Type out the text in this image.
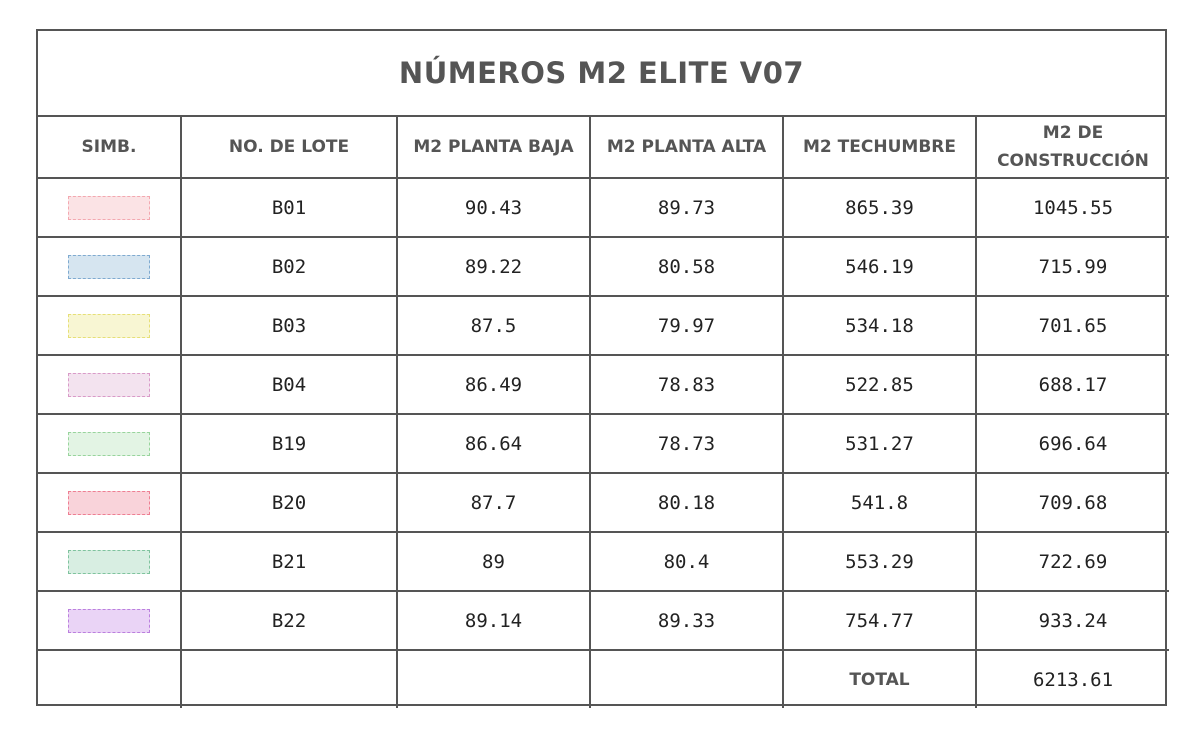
NÚMEROS M2 ELITE V07
SIMB.	NO. DE LOTE	M2 PLANTA BAJA	M2 PLANTA ALTA	M2 TECHUMBRE	M2 DE
CONSTRUCCIÓN

	B01	90.43	89.73	865.39	1045.55

	B02	89.22	80.58	546.19	715.99

	B03	87.5	79.97	534.18	701.65

	B04	86.49	78.83	522.85	688.17

	B19	86.64	78.73	531.27	696.64

	B20	87.7	80.18	541.8	709.68

	B21	89	80.4	553.29	722.69

	B22	89.14	89.33	754.77	933.24
				TOTAL	6213.61
